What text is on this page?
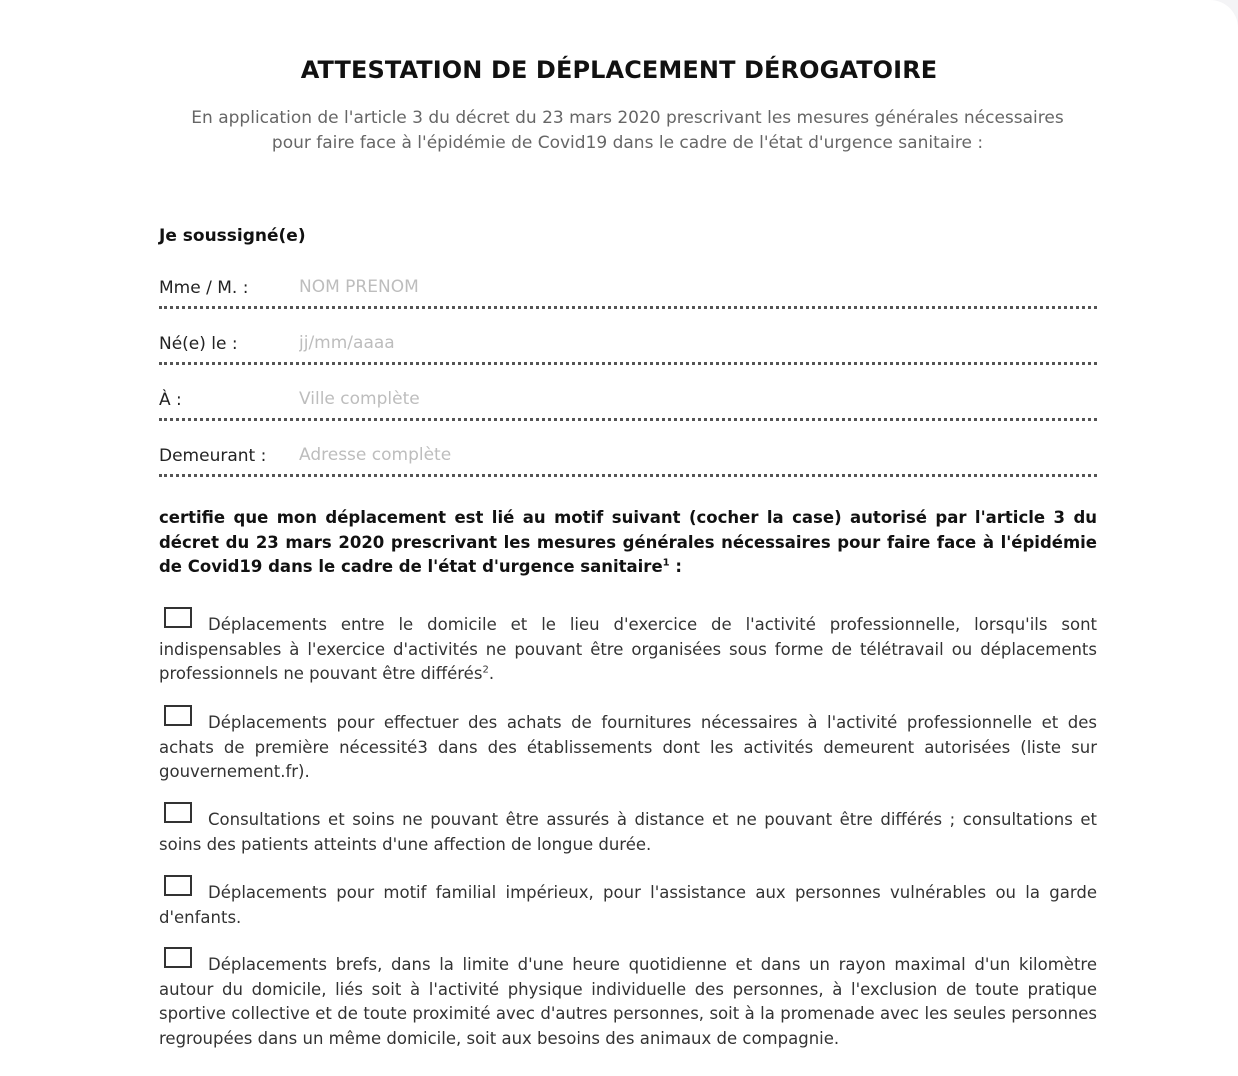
ATTESTATION DE DÉPLACEMENT DÉROGATOIRE
En application de l'article 3 du décret du 23 mars 2020 prescrivant les mesures générales nécessaires pour faire face à l'épidémie de Covid19 dans le cadre de l'état d'urgence sanitaire :
Je soussigné(e)
Mme / M. :
NOM PRENOM
Né(e) le :
jj/mm/aaaa
À :
Ville complète
Demeurant :
Adresse complète
certifie que mon déplacement est lié au motif suivant (cocher la case) autorisé par l'article 3 du décret du 23 mars 2020 prescrivant les mesures générales nécessaires pour faire face à l'épidémie de Covid19 dans le cadre de l'état d'urgence sanitaire$^1$ :
Déplacements entre le domicile et le lieu d'exercice de l'activité professionnelle, lorsqu'ils sont indispensables à l'exercice d'activités ne pouvant être organisées sous forme de télétravail ou déplacements professionnels ne pouvant être différés$^2$.
Déplacements pour effectuer des achats de fournitures nécessaires à l'activité professionnelle et des achats de première nécessité3 dans des établissements dont les activités demeurent autorisées (liste sur gouvernement.fr).
Consultations et soins ne pouvant être assurés à distance et ne pouvant être différés ; consultations et soins des patients atteints d'une affection de longue durée.
Déplacements pour motif familial impérieux, pour l'assistance aux personnes vulnérables ou la garde d'enfants.
Déplacements brefs, dans la limite d'une heure quotidienne et dans un rayon maximal d'un kilomètre autour du domicile, liés soit à l'activité physique individuelle des personnes, à l'exclusion de toute pratique sportive collective et de toute proximité avec d'autres personnes, soit à la promenade avec les seules personnes regroupées dans un même domicile, soit aux besoins des animaux de compagnie.
